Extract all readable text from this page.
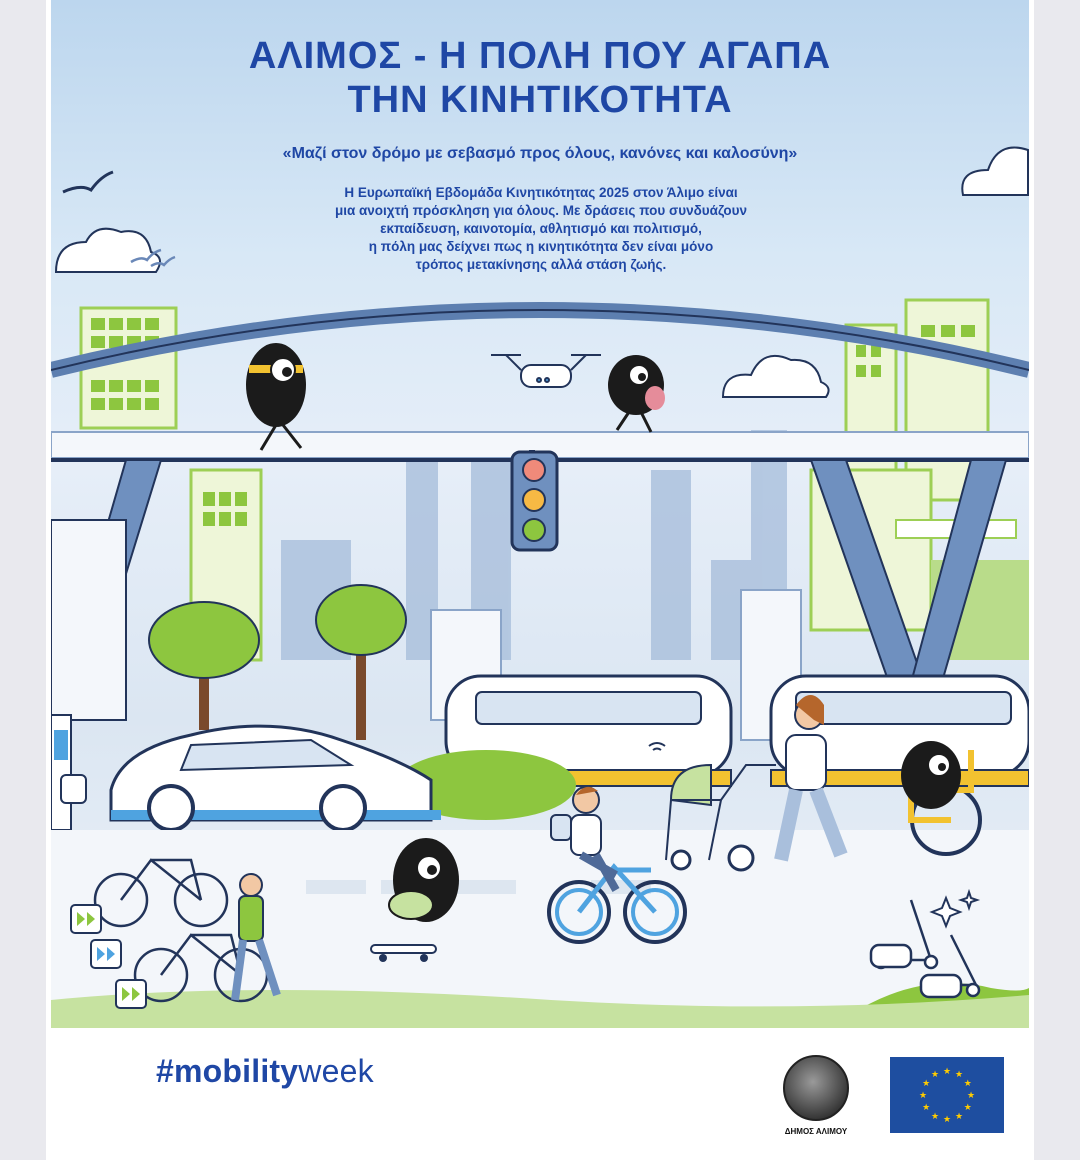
ΑΛΙΜΟΣ - Η ΠΟΛΗ ΠΟΥ ΑΓΑΠΑ
ΤΗΝ ΚΙΝΗΤΙΚΟΤΗΤΑ
«Μαζί στον δρόμο με σεβασμό προς όλους, κανόνες και καλοσύνη»
Η Ευρωπαϊκή Εβδομάδα Κινητικότητας 2025 στον Άλιμο είναι
μια ανοιχτή πρόσκληση για όλους. Με δράσεις που συνδυάζουν
εκπαίδευση, καινοτομία, αθλητισμό και πολιτισμό,
η πόλη μας δείχνει πως η κινητικότητα δεν είναι μόνο
τρόπος μετακίνησης αλλά στάση ζωής.
#mobilityweek
ΔΗΜΟΣ ΑΛΙΜΟΥ
★ ★
★
★
★
★
★
★
★
★
★
★
